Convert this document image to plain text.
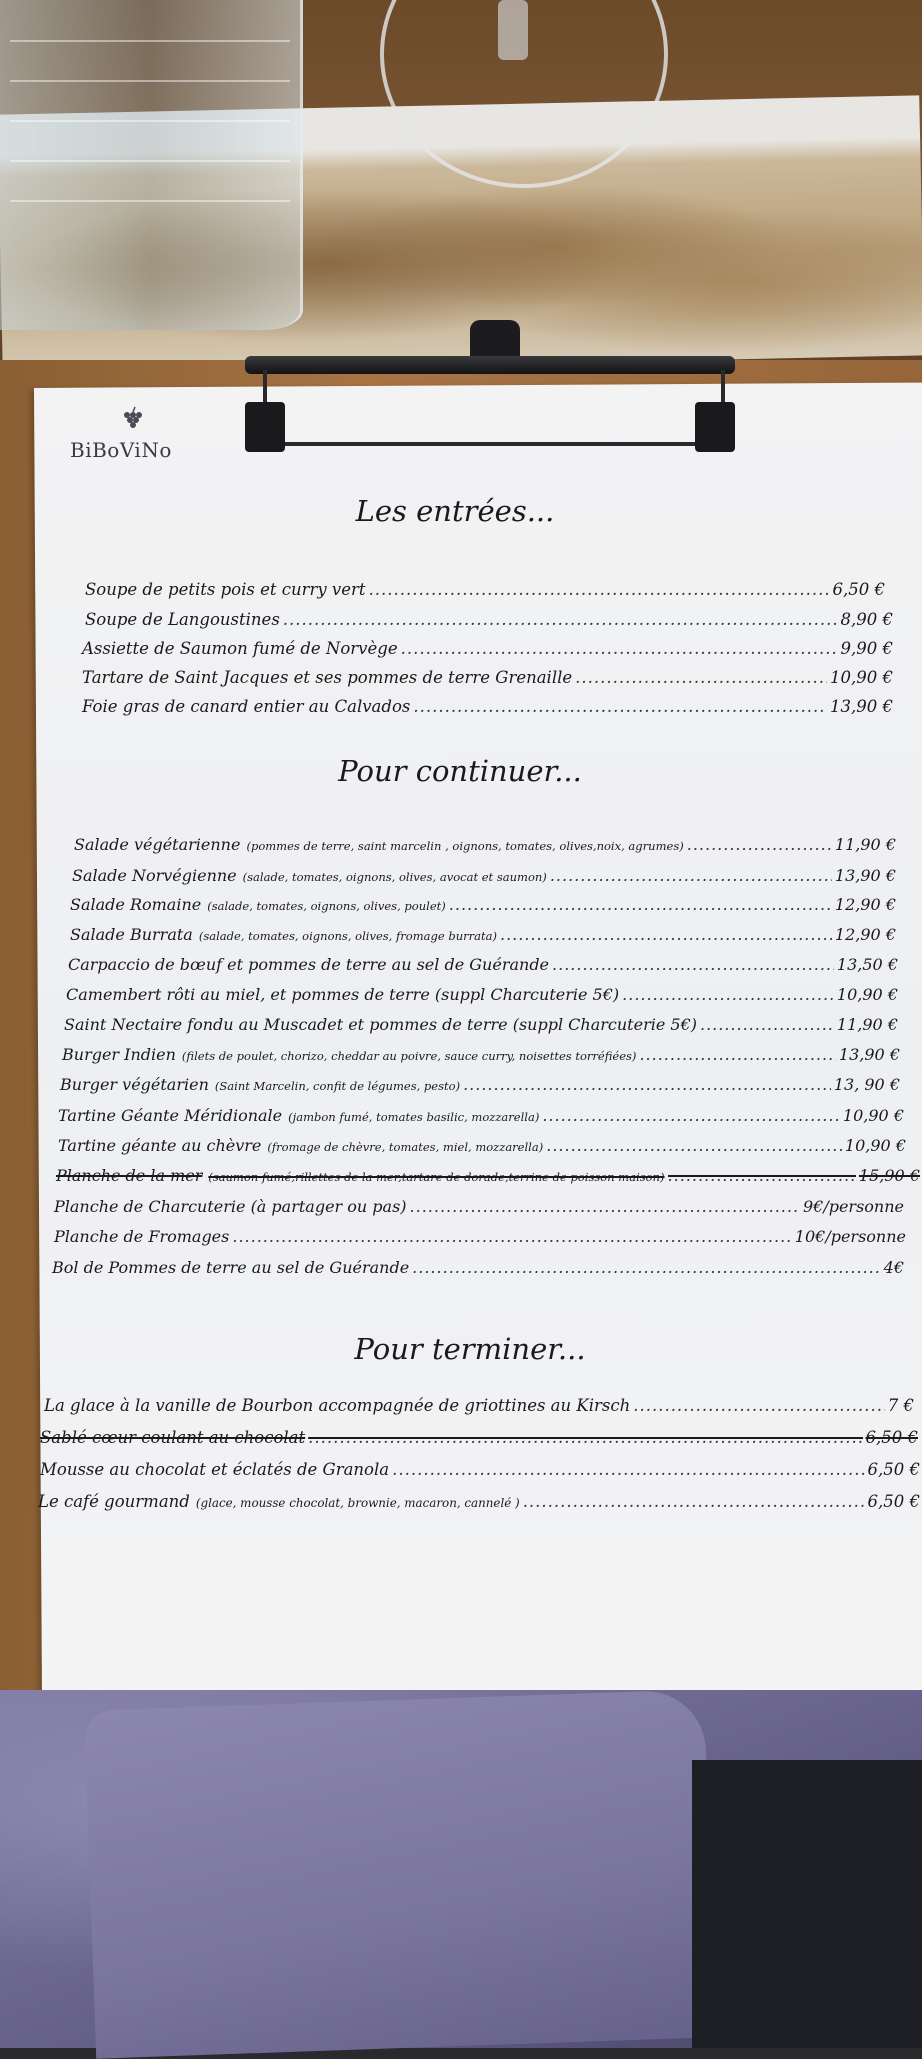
BiBoViNo
Les entrées...
Pour continuer...
Pour terminer...
Soupe de petits pois et curry vert .....	6,50 €
Soupe de Langoustines .....	8,90 €
Assiette de Saumon fumé de Norvège .....	9,90 €
Tartare de Saint Jacques et ses pommes de terre Grenaille .....	10,90 €
Foie gras de canard entier au Calvados .....	13,90 €
Salade végétarienne (pommes de terre, saint marcelin , oignons, tomates, olives,noix, agrumes) .....	11,90 €
Salade Norvégienne (salade, tomates, oignons, olives, avocat et saumon) .....	13,90 €
Salade Romaine (salade, tomates, oignons, olives, poulet) .....	12,90 €
Salade Burrata (salade, tomates, oignons, olives, fromage burrata) .....	12,90 €
Carpaccio de bœuf et pommes de terre au sel de Guérande .....	13,50 €
Camembert rôti au miel, et pommes de terre (suppl Charcuterie 5€) .....	10,90 €
Saint Nectaire fondu au Muscadet et pommes de terre (suppl Charcuterie 5€) .....	11,90 €
Burger Indien (filets de poulet, chorizo, cheddar au poivre, sauce curry, noisettes torréfiées) .....	13,90 €
Burger végétarien (Saint Marcelin, confit de légumes, pesto) .....	13, 90 €
Tartine Géante Méridionale (jambon fumé, tomates basilic, mozzarella) .....	10,90 €
Tartine géante au chèvre (fromage de chèvre, tomates, miel, mozzarella) .....	10,90 €
Planche de la mer (saumon fumé,rillettes de la mer,tartare de dorade,terrine de poisson maison) .....	15,90 €
Planche de Charcuterie (à partager ou pas) .....	9€/personne
Planche de Fromages .....	10€/personne
Bol de Pommes de terre au sel de Guérande .....	4€
La glace à la vanille de Bourbon accompagnée de griottines au Kirsch .....	7 €
Sablé cœur coulant au chocolat .....	6,50 €
Mousse au chocolat et éclatés de Granola .....	6,50 €
Le café gourmand (glace, mousse chocolat, brownie, macaron, cannelé ) .....	6,50 €
